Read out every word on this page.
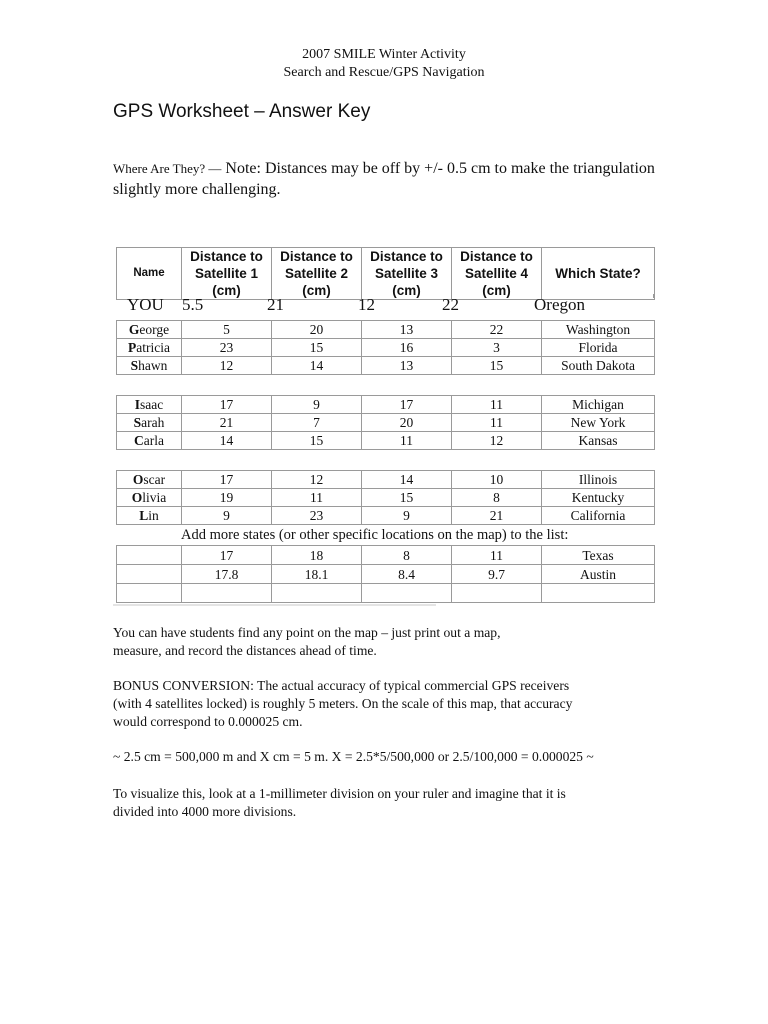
2007 SMILE Winter Activity
Search and Rescue/GPS Navigation
GPS Worksheet – Answer Key
Where Are They? — Note: Distances may be off by +/- 0.5 cm to make the triangulation
slightly more challenging.
Name	Distance to Satellite 1 (cm)	Distance to Satellite 2 (cm)	Distance to Satellite 3 (cm)	Distance to Satellite 4 (cm)	Which State?
YOU 5.5	21	12	22	Oregon
George	5	20	13	22	Washington
Patricia	23	15	16	3	Florida
Shawn	12	14	13	15	South Dakota
Isaac	17	9	17	11	Michigan
Sarah	21	7	20	11	New York
Carla	14	15	11	12	Kansas
Oscar	17	12	14	10	Illinois
Olivia	19	11	15	8	Kentucky
Lin	9	23	9	21	California
Add more states (or other specific locations on the map) to the list:
	17	18	8	11	Texas
	17.8	18.1	8.4	9.7	Austin

You can have students find any point on the map – just print out a map,
measure, and record the distances ahead of time.
BONUS CONVERSION: The actual accuracy of typical commercial GPS receivers
(with 4 satellites locked) is roughly 5 meters. On the scale of this map, that accuracy
would correspond to 0.000025 cm.
~ 2.5 cm = 500,000 m and X cm = 5 m. X = 2.5*5/500,000 or 2.5/100,000 = 0.000025 ~
To visualize this, look at a 1-millimeter division on your ruler and imagine that it is
divided into 4000 more divisions.
